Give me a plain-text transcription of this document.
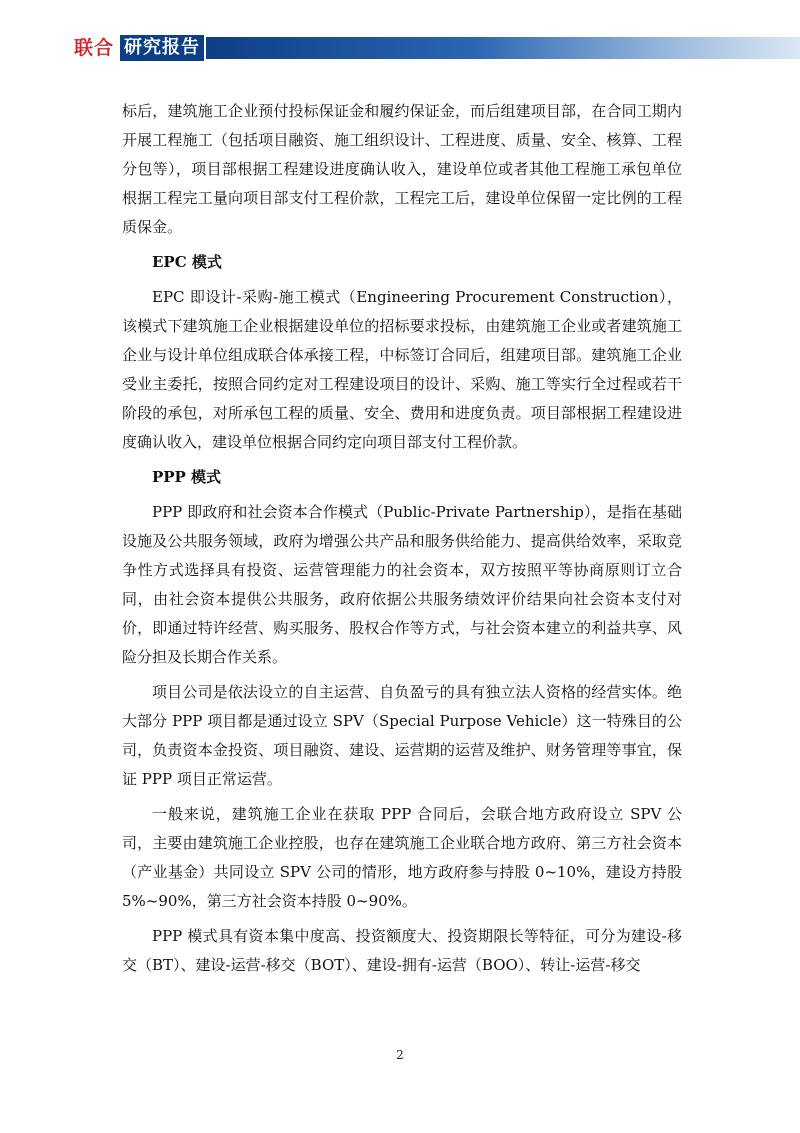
联合 研究报告

标后，建筑施工企业预付投标保证金和履约保证金，而后组建项目部，在合同工期内开展工程施工（包括项目融资、施工组织设计、工程进度、质量、安全、核算、工程分包等），项目部根据工程建设进度确认收入，建设单位或者其他工程施工承包单位根据工程完工量向项目部支付工程价款，工程完工后，建设单位保留一定比例的工程质保金。

EPC 模式

EPC 即设计-采购-施工模式（Engineering Procurement Construction），该模式下建筑施工企业根据建设单位的招标要求投标，由建筑施工企业或者建筑施工企业与设计单位组成联合体承接工程，中标签订合同后，组建项目部。建筑施工企业受业主委托，按照合同约定对工程建设项目的设计、采购、施工等实行全过程或若干阶段的承包，对所承包工程的质量、安全、费用和进度负责。项目部根据工程建设进度确认收入，建设单位根据合同约定向项目部支付工程价款。

PPP 模式

PPP 即政府和社会资本合作模式（Public-Private Partnership），是指在基础设施及公共服务领域，政府为增强公共产品和服务供给能力、提高供给效率，采取竞争性方式选择具有投资、运营管理能力的社会资本，双方按照平等协商原则订立合同，由社会资本提供公共服务，政府依据公共服务绩效评价结果向社会资本支付对价，即通过特许经营、购买服务、股权合作等方式，与社会资本建立的利益共享、风险分担及长期合作关系。

项目公司是依法设立的自主运营、自负盈亏的具有独立法人资格的经营实体。绝大部分 PPP 项目都是通过设立 SPV（Special Purpose Vehicle）这一特殊目的公司，负责资本金投资、项目融资、建设、运营期的运营及维护、财务管理等事宜，保证 PPP 项目正常运营。

一般来说，建筑施工企业在获取 PPP 合同后，会联合地方政府设立 SPV 公司，主要由建筑施工企业控股，也存在建筑施工企业联合地方政府、第三方社会资本（产业基金）共同设立 SPV 公司的情形，地方政府参与持股 0~10%，建设方持股 5%~90%，第三方社会资本持股 0~90%。

PPP 模式具有资本集中度高、投资额度大、投资期限长等特征，可分为建设-移交（BT）、建设-运营-移交（BOT）、建设-拥有-运营（BOO）、转让-运营-移交

2
